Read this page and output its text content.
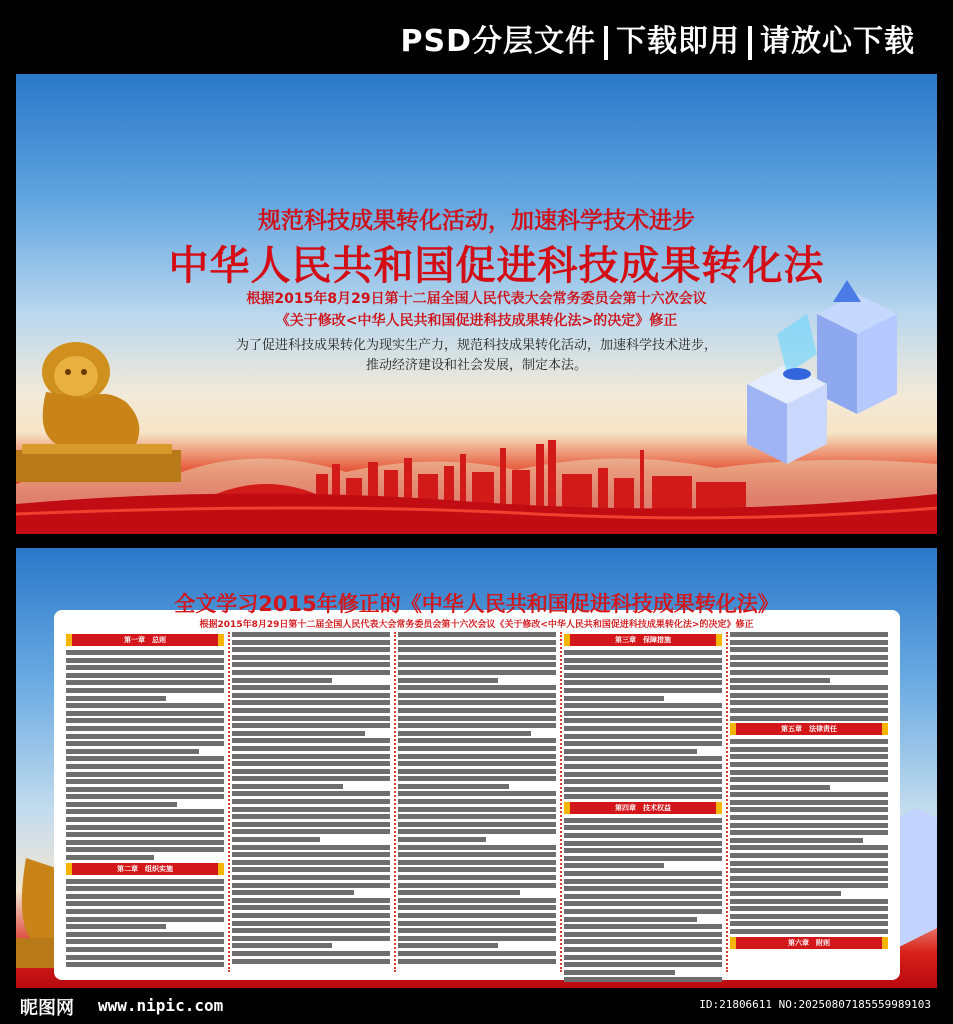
PSD分层文件 下载即用 请放心下载
规范科技成果转化活动，加速科学技术进步
中华人民共和国促进科技成果转化法
根据2015年8月29日第十二届全国人民代表大会常务委员会第十六次会议
《关于修改<中华人民共和国促进科技成果转化法>的决定》修正
为了促进科技成果转化为现实生产力，规范科技成果转化活动，加速科学技术进步，
推动经济建设和社会发展，制定本法。
全文学习2015年修正的《中华人民共和国促进科技成果转化法》
根据2015年8月29日第十二届全国人民代表大会常务委员会第十六次会议《关于修改<中华人民共和国促进科技成果转化法>的决定》修正
第一章　总则
第二章　组织实施
第三章　保障措施
第四章　技术权益
第五章　法律责任
第六章　附则
昵图网 www.nipic.com	ID:21806611 NO:20250807185559989103
